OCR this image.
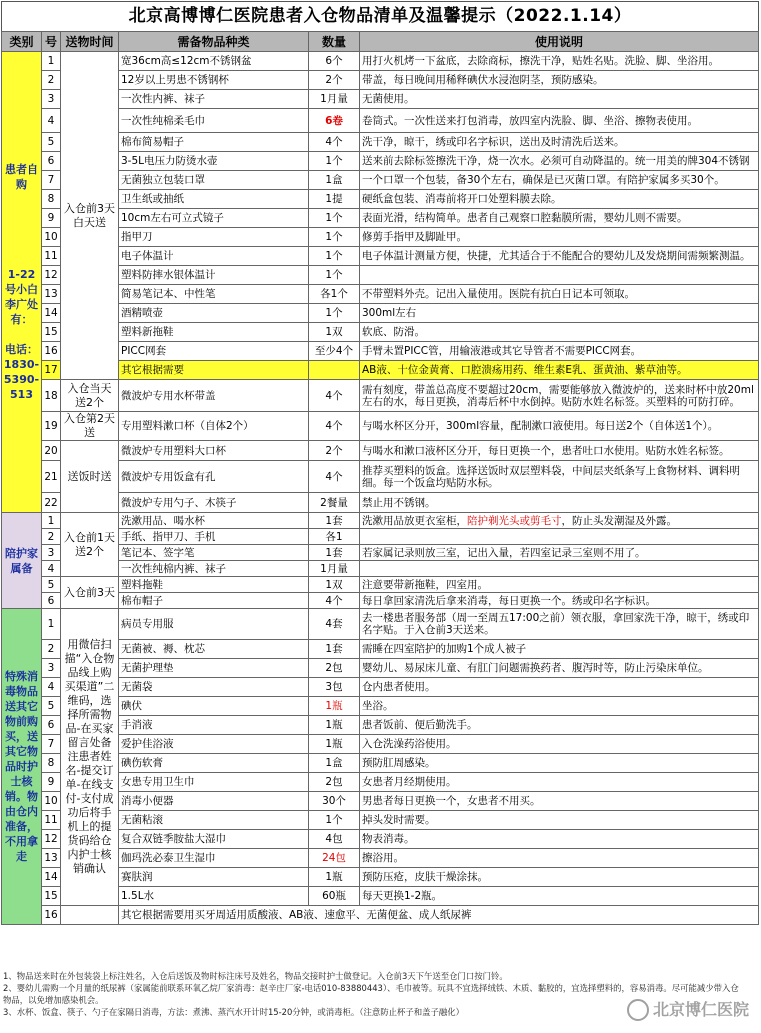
北京高博博仁医院患者入仓物品清单及温馨提示（2022.1.14）
类别	号	送物时间	需备物品种类	数量	使用说明
患者自购

1-22号小白李广处有：

电话：1830-5390-513	1	入仓前3天白天送	宽36cm高≤12cm不锈钢盆	6个	用打火机烤一下盆底，去除商标，擦洗干净，贴姓名贴。洗脸、脚、坐浴用。
	2		12岁以上男患不锈钢杯	2个	带盖，每日晚间用稀释碘伏水浸泡阴茎，预防感染。
	3		一次性内裤、袜子	1月量	无菌使用。
	4		一次性纯棉柔毛巾	6卷	卷筒式。一次性送来打包消毒，放四室内洗脸、脚、坐浴、擦物表使用。
	5		棉布简易帽子	4个	洗干净，晾干，绣或印名字标识，送出及时清洗后送来。
	6		3-5L电压力防烫水壶	1个	送来前去除标签擦洗干净，烧一次水。必须可自动降温的。统一用美的牌304不锈钢
	7		无菌独立包装口罩	1盒	一个口罩一个包装，备30个左右，确保是已灭菌口罩。有陪护家属多买30个。
	8		卫生纸或抽纸	1提	硬纸盒包装、消毒前将开口处塑料膜去除。
	9		10cm左右可立式镜子	1个	表面光滑，结构简单。患者自己观察口腔黏膜所需，婴幼儿则不需要。
	10		指甲刀	1个	修剪手指甲及脚趾甲。
	11		电子体温计	1个	电子体温计测量方便，快捷，尤其适合于不能配合的婴幼儿及发烧期间需频繁测温。
	12		塑料防摔水银体温计	1个	
	13		简易笔记本、中性笔	各1个	不带塑料外壳。记出入量使用。医院有抗白日记本可领取。
	14		酒精喷壶	1个	300ml左右
	15		塑料新拖鞋	1双	软底、防滑。
	16		PICC网套	至少4个	手臂未置PICC管，用输液港或其它导管者不需要PICC网套。
	17		其它根据需要		AB液、十位金黄膏、口腔溃疡用药、维生素E乳、蛋黄油、紫草油等。
	18	入仓当天送2个	微波炉专用水杯带盖	4个	需有刻度，带盖总高度不要超过20cm，需要能够放入微波炉的，送来时杯中放20ml左右的水，每日更换，消毒后杯中水倒掉。贴防水姓名标签。买塑料的可防打碎。
	19	入仓第2天送	专用塑料漱口杯（自体2个）	4个	与喝水杯区分开，300ml容量，配制漱口液使用。每日送2个（自体送1个）。
	20	送饭时送	微波炉专用塑料大口杯	2个	与喝水和漱口液杯区分开，每日更换一个，患者吐口水使用。贴防水姓名标签。
	21		微波炉专用饭盒有孔	4个	推荐买塑料的饭盒。选择送饭时双层塑料袋，中间层夹纸条写上食物材料、调料明细。每一个饭盒均贴防水标。
	22		微波炉专用勺子、木筷子	2餐量	禁止用不锈钢。
陪护家属备	1	入仓前1天送2个	洗漱用品、喝水杯	1套	洗漱用品放更衣室柜，陪护剃光头或剪毛寸，防止头发潮湿及外露。
	2		手纸、指甲刀、手机	各1	
	3		笔记本、签字笔	1套	若家属记录则放三室，记出入量，若四室记录三室则不用了。
	4		一次性纯棉内裤、袜子	1月量	
	5	入仓前3天	塑料拖鞋	1双	注意要带新拖鞋，四室用。
	6		棉布帽子	4个	每日拿回家清洗后拿来消毒，每日更换一个。绣或印名字标识。
特殊消毒物品送其它物前购买，送其它物品时护士核销。物由仓内准备，不用拿走	1	用微信扫描“入仓物品线上购买渠道”二维码，选择所需物品-在买家留言处备注患者姓名-提交订单-在线支付-支付成功后将手机上的提货码给仓内护士核销确认	病员专用服	4套	去一楼患者服务部（周一至周五17:00之前）领衣服，拿回家洗干净，晾干，绣或印名字贴。于入仓前3天送来。
	2		无菌被、褥、枕芯	1套	需睡在四室陪护的加购1个成人被子
	3		无菌护理垫	2包	婴幼儿、易尿床儿童、有肛门问题需换药者、腹泻时等，防止污染床单位。
	4		无菌袋	3包	仓内患者使用。
	5		碘伏	1瓶	坐浴。
	6		手消液	1瓶	患者饭前、便后勤洗手。
	7		爱护佳浴液	1瓶	入仓洗澡药浴使用。
	8		碘伤软膏	1盒	预防肛周感染。
	9		女患专用卫生巾	2包	女患者月经期使用。
	10		消毒小便器	30个	男患者每日更换一个，女患者不用买。
	11		无菌粘滚	1个	掉头发时需要。
	12		复合双链季胺盐大湿巾	4包	物表消毒。
	13		伽玛洗必泰卫生湿巾	24包	擦浴用。
	14		赛肤润	1瓶	预防压疮，皮肤干燥涂抹。
	15		1.5L水	60瓶	每天更换1-2瓶。
	16		其它根据需要用买牙周适用质酸液、AB液、速愈平、无菌便盆、成人纸尿裤		
1、物品送来时在外包装袋上标注姓名，入仓后送饭及物时标注床号及姓名，物品交接时护士做登记。入仓前3天下午送至仓门口按门铃。
2、婴幼儿需购一个月量的纸尿裤（家属能前联系环氧乙烷厂家消毒：赵辛庄厂家-电话010-83880443）、毛巾被等。玩具不宜选择绒铁、木质、黏胶的，宜选择塑料的，容易消毒。尽可能减少带入仓物品，以免增加感染机会。
3、水杯、饭盒、筷子、勺子在家隔日消毒，方法：煮沸、蒸汽水开计时15-20分钟，或消毒柜。（注意防止杯子和盖子融化）	北京博仁医院
